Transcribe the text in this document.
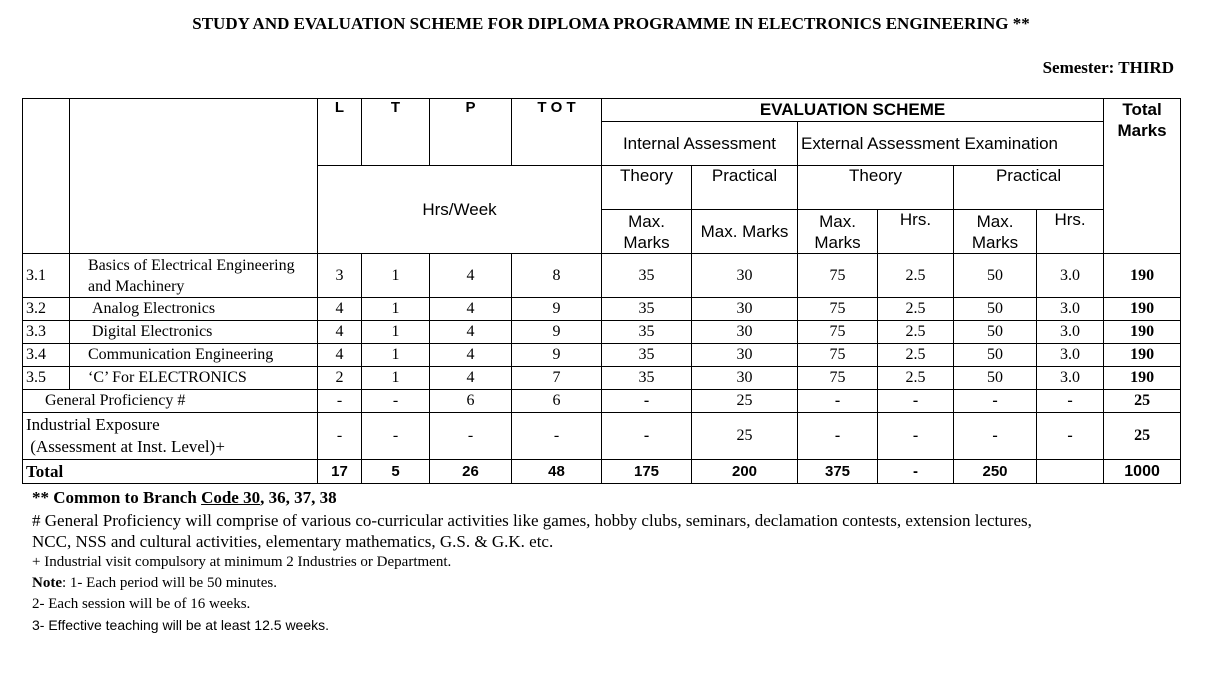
STUDY AND EVALUATION SCHEME FOR DIPLOMA PROGRAMME IN ELECTRONICS ENGINEERING **
Semester: THIRD
		L	T	P	T O T	EVALUATION SCHEME						Total Marks
						Internal Assessment		External Assessment Examination				
		Hrs/Week				Theory	Practical	Theory		Practical		
						Max. Marks	Max. Marks	Max. Marks	Hrs.	Max. Marks	Hrs.	
3.1	Basics of Electrical Engineering and Machinery	3	1	4	8	35	30	75	2.5	50	3.0	190
3.2	Analog Electronics	4	1	4	9	35	30	75	2.5	50	3.0	190
3.3	Digital Electronics	4	1	4	9	35	30	75	2.5	50	3.0	190
3.4	Communication Engineering	4	1	4	9	35	30	75	2.5	50	3.0	190
3.5	‘C’ For ELECTRONICS	2	1	4	7	35	30	75	2.5	50	3.0	190
General Proficiency #		-	-	6	6	-	25	-	-	-	-	25

Industrial Exposure
(Assessment at Inst. Level)+		-	-	-	-	-	25	-	-	-	-	25
Total		17	5	26	48	175	200	375	-	250		1000
** Common to Branch Code 30, 36, 37, 38
# General Proficiency will comprise of various co-curricular activities like games, hobby clubs, seminars, declamation contests, extension lectures,
NCC, NSS and cultural activities, elementary mathematics, G.S. & G.K. etc.
+ Industrial visit compulsory at minimum 2 Industries or Department.
Note: 1- Each period will be 50 minutes.
2- Each session will be of 16 weeks.
3- Effective teaching will be at least 12.5 weeks.
